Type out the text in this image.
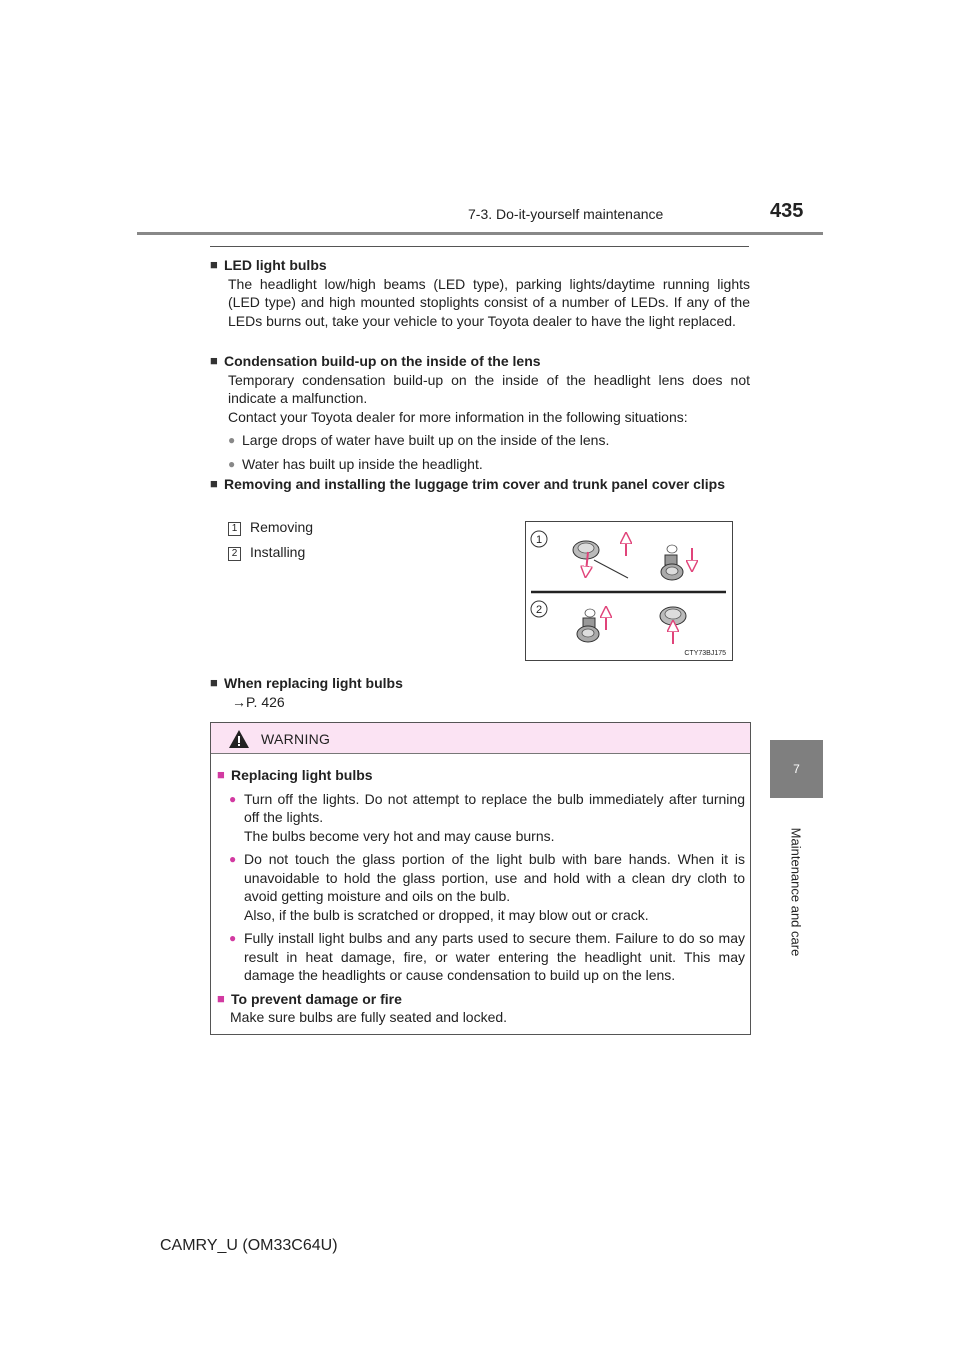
7-3. Do-it-yourself maintenance	435
7
Maintenance and care
■ LED light bulbs
The headlight low/high beams (LED type), parking lights/daytime running lights (LED type) and high mounted stoplights consist of a number of LEDs. If any of the LEDs burns out, take your vehicle to your Toyota dealer to have the light replaced.
■ Condensation build-up on the inside of the lens
Temporary condensation build-up on the inside of the headlight lens does not indicate a malfunction.
Contact your Toyota dealer for more information in the following situations:
● Large drops of water have built up on the inside of the lens.
● Water has built up inside the headlight.
■ Removing and installing the luggage trim cover and trunk panel cover clips
1 Removing
2 Installing
1
2
CTY73BJ175
■ When replacing light bulbs
→P. 426
WARNING
■ Replacing light bulbs
● Turn off the lights. Do not attempt to replace the bulb immediately after turning off the lights.
The bulbs become very hot and may cause burns.
● Do not touch the glass portion of the light bulb with bare hands. When it is unavoidable to hold the glass portion, use and hold with a clean dry cloth to avoid getting moisture and oils on the bulb.
Also, if the bulb is scratched or dropped, it may blow out or crack.
● Fully install light bulbs and any parts used to secure them. Failure to do so may result in heat damage, fire, or water entering the headlight unit. This may damage the headlights or cause condensation to build up on the lens.
■ To prevent damage or fire
Make sure bulbs are fully seated and locked.
CAMRY_U (OM33C64U)
